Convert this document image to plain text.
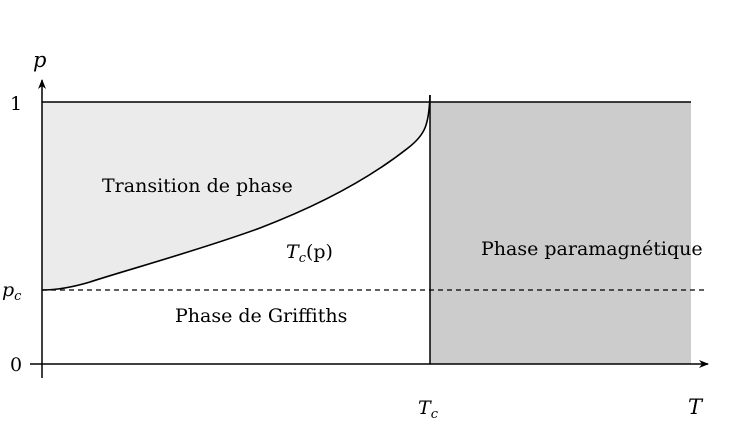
p
T
1
0
$p_c$
$T_c$
Transition de phase
Phase de Griffiths
Phase paramagnétique
$T_c(p)$
